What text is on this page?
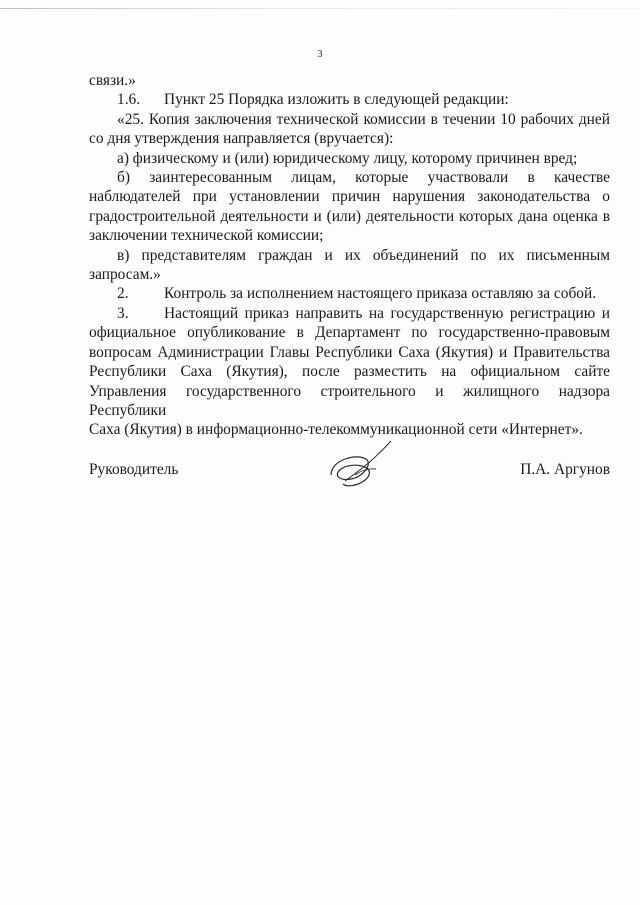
3

связи.»

1.6. Пункт 25 Порядка изложить в следующей редакции:

«25. Копия заключения технической комиссии в течении 10 рабочих дней

со дня утверждения направляется (вручается):

а) физическому и (или) юридическому лицу, которому причинен вред;

б) заинтересованным лицам, которые участвовали в качестве

наблюдателей при установлении причин нарушения законодательства о

градостроительной деятельности и (или) деятельности которых дана оценка в

заключении технической комиссии;

в) представителям граждан и их объединений по их письменным

запросам.»

2. Контроль за исполнением настоящего приказа оставляю за собой.

3. Настоящий приказ направить на государственную регистрацию и

официальное опубликование в Департамент по государственно-правовым

вопросам Администрации Главы Республики Саха (Якутия) и Правительства

Республики Саха (Якутия), после разместить на официальном сайте

Управления государственного строительного и жилищного надзора Республики

Саха (Якутия) в информационно-телекоммуникационной сети «Интернет».

Руководитель	П.А. Аргунов
